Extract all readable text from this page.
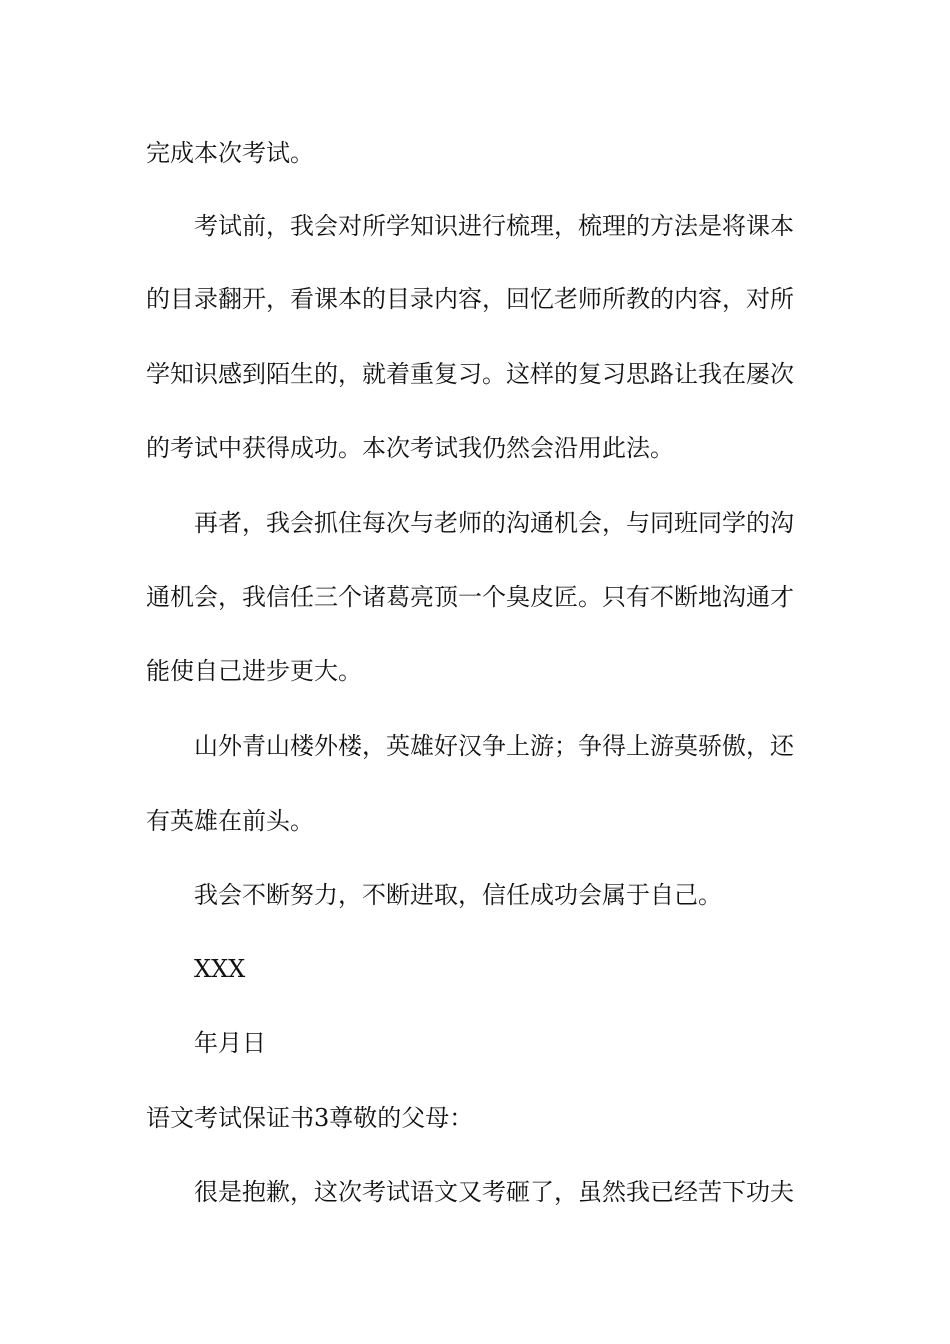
完成本次考试。
考试前，我会对所学知识进行梳理，梳理的方法是将课本
的目录翻开，看课本的目录内容，回忆老师所教的内容，对所
学知识感到陌生的，就着重复习。这样的复习思路让我在屡次
的考试中获得成功。本次考试我仍然会沿用此法。
再者，我会抓住每次与老师的沟通机会，与同班同学的沟
通机会，我信任三个诸葛亮顶一个臭皮匠。只有不断地沟通才
能使自己进步更大。
山外青山楼外楼，英雄好汉争上游；争得上游莫骄傲，还
有英雄在前头。
我会不断努力，不断进取，信任成功会属于自己。
XXX
年月日
语文考试保证书3尊敬的父母：
很是抱歉，这次考试语文又考砸了，虽然我已经苦下功夫
